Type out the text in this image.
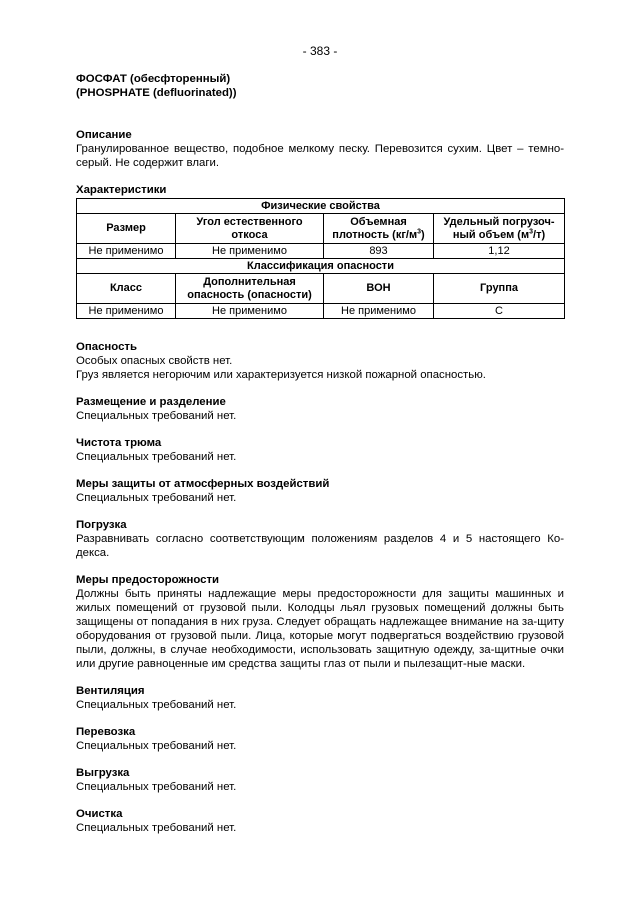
- 383 -
ФОСФАТ (обесфторенный)
(PHOSPHATE (defluorinated))
Описание
Гранулированное вещество, подобное мелкому песку. Перевозится сухим. Цвет – темно-серый. Не содержит влаги.
Характеристики
Физические свойства			
Размер	Угол естественного откоса	Объемная плотность $(кг/м^3)$	Удельный погрузоч-ный объем $(м^3/т)$
Не применимо	Не применимо	893	1,12
Классификация опасности			
Класс	Дополнительная опасность (опасности)	ВОН	Группа
Не применимо	Не применимо	Не применимо	С
Опасность
Особых опасных свойств нет.
Груз является негорючим или характеризуется низкой пожарной опасностью.
Размещение и разделение
Специальных требований нет.
Чистота трюма
Специальных требований нет.
Меры защиты от атмосферных воздействий
Специальных требований нет.
Погрузка
Разравнивать согласно соответствующим положениям разделов 4 и 5 настоящего Ко-декса.
Меры предосторожности
Должны быть приняты надлежащие меры предосторожности для защиты машинных и жилых помещений от грузовой пыли. Колодцы льял грузовых помещений должны быть защищены от попадания в них груза. Следует обращать надлежащее внимание на за-щиту оборудования от грузовой пыли. Лица, которые могут подвергаться воздействию грузовой пыли, должны, в случае необходимости, использовать защитную одежду, за-щитные очки или другие равноценные им средства защиты глаз от пыли и пылезащит-ные маски.
Вентиляция
Специальных требований нет.
Перевозка
Специальных требований нет.
Выгрузка
Специальных требований нет.
Очистка
Специальных требований нет.
